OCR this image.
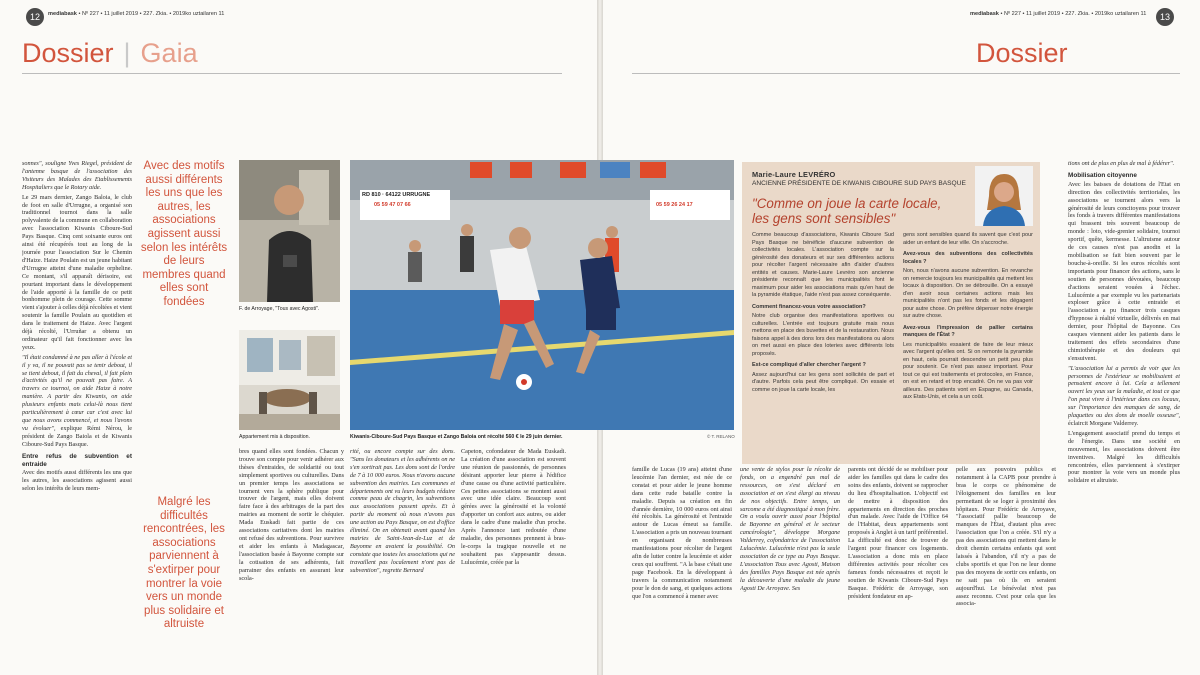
12	mediabask • Nº 227 • 11 juillet 2019 • 227. Zkia. • 2019ko uztailaren 11
Dossier | Gaia

sonnes", souligne Yves Riegel, président de l'antenne basque de l'association des Visiteurs des Malades des Etablissements Hospitaliers que le Rotary aide.

Le 29 mars dernier, Zango Baloia, le club de foot en salle d'Urrugne, a organisé son traditionnel tournoi dans la salle polyvalente de la commune en collaboration avec l'association Kiwanis Ciboure-Sud Pays Basque. Cinq cent soixante euros ont ainsi été récupérés tout au long de la journée pour l'association Sur le Chemin d'Haize. Haize Poulain est un jeune habitant d'Urrugne atteint d'une maladie orpheline. Ce montant, s'il apparaît dérisoire, est pourtant important dans le développement de l'aide apporté à la famille de ce petit bonhomme plein de courage. Cette somme vient s'ajouter à celles déjà récoltées et vient soutenir la famille Poulain au quotidien et dans le traitement de Haize. Avec l'argent déjà récolté, l'Urruñar a obtenu un ordinateur qu'il fait fonctionner avec les yeux.

"Il était condamné à ne pas aller à l'école et il y va, il ne pouvait pas se tenir debout, il se tient debout, il fait du cheval, il fait plein d'activités qu'il ne pouvait pas faire. A travers ce tournoi, on aide Haize à notre manière. A partir des Kiwanis, on aide plusieurs enfants mais celui-là nous tient particulièrement à cœur car c'est avec lui que nous avons commencé, et nous l'avons vu évoluer", explique Rémi Nérou, le président de Zango Baiola et de Kiwanis Ciboure-Sud Pays Basque.

Entre refus de subvention et entraide

Avec des motifs aussi différents les uns que les autres, les associations agissent aussi selon les intérêts de leurs mem-

Avec des motifs aussi différents les uns que les autres, les associations agissent aussi selon les intérêts de leurs membres quand elles sont fondées
Malgré les difficultés rencontrées, les associations parviennent à s'extirper pour montrer la voie vers un monde plus solidaire et altruiste
F. de Arroyage, "Tous avec Agosti".
Appartement mis à disposition.
RD 810 · 64122 URRUGNE
05 59 47 07 66	05 59 26 24 17
Kiwanis-Ciboure-Sud Pays Basque et Zango Baloia ont récolté 560 € le 29 juin dernier.	© T. RELANO
bres quand elles sont fondées. Chacun y trouve son compte pour venir adhérer aux thèses d'entraides, de solidarité ou tout simplement sportives ou culturelles. Dans un premier temps les associations se tournent vers la sphère publique pour trouver de l'argent, mais elles doivent faire face à des arbitrages de la part des mairies au moment de sortir le chéquier. Mada Euskadi fait partie de ces associations caritatives dont les mairies ont refusé des subventions. Pour survivre et aider les enfants à Madagascar, l'association basée à Bayonne compte sur la cotisation de ses adhérents, fait parrainer des enfants en assurant leur scola-
rité, ou encore compte sur des dons. "Sans les donateurs et les adhérents on ne s'en sortirait pas. Les dons sont de l'ordre de 7 à 10 000 euros. Nous n'avons aucune subvention des mairies. Les communes et départements ont vu leurs budgets réduire comme peau de chagrin, les subventions aux associations passent après. Et à partir du moment où nous n'avons pas une action au Pays Basque, on est d'office éliminé. On en obtenait avant quand les mairies de Saint-Jean-de-Luz et de Bayonne en avaient la possibilité. On constate que toutes les associations qui ne travaillent pas localement n'ont pas de subvention", regrette Bernard
Capeton, cofondateur de Mada Euskadi. La création d'une association est souvent une réunion de passionnés, de personnes désirant apporter leur pierre à l'édifice d'une cause ou d'une activité particulière. Ces petites associations se montent aussi avec une idée claire. Beaucoup sont gérées avec la générosité et la volonté d'apporter un confort aux autres, ou aider dans le cadre d'une maladie d'un proche. Après l'annonce tant redoutée d'une maladie, des personnes prennent à bras-le-corps la tragique nouvelle et ne souhaitent pas s'appesantir dessus. Lulucémie, créée par la
mediabask • Nº 227 • 11 juillet 2019 • 227. Zkia. • 2019ko uztailaren 11	13
Dossier
Marie-Laure LEVRÉRO
ANCIENNE PRÉSIDENTE DE KIWANIS CIBOURE SUD PAYS BASQUE
"Comme on joue la carte locale, les gens sont sensibles"

Comme beaucoup d'associations, Kiwanis Ciboure Sud Pays Basque ne bénéficie d'aucune subvention de collectivités locales. L'association compte sur la générosité des donateurs et sur ses différentes actions pour récolter l'argent nécessaire afin d'aider d'autres entités et causes. Marie-Laure Levréro son ancienne présidente reconnaît que les municipalités font le maximum pour aider les associations mais quʼen haut de la pyramide étatique, l'aide n'est pas assez conséquente.

Comment financez-vous votre association?

Notre club organise des manifestations sportives ou culturelles. L'entrée est toujours gratuite mais nous mettons en place des buvettes et de la restauration. Nous faisons appel à des dons lors des manifestations ou alors on met aussi en place des loteries avec différents lots proposés.

Est-ce compliqué d'aller chercher l'argent ?

Assez aujourd'hui car les gens sont sollicités de part et d'autre. Parfois cela peut être compliqué. On essaie et comme on joue la carte locale, les

gens sont sensibles quand ils savent que c'est pour aider un enfant de leur ville. On s'accroche.

Avez-vous des subventions des collectivités locales ?

Non, nous n'avons aucune subvention. En revanche on remercie toujours les municipalités qui mettent les locaux à disposition. On se débrouille. On a essayé d'en avoir sous certaines actions mais les municipalités n'ont pas les fonds et les dégagent pour autre chose. On préfère dépenser notre énergie sur autre chose.

Avez-vous l'impression de pallier certains manques de l'État ?

Les municipalités essaient de faire de leur mieux avec l'argent qu'elles ont. Si on remonte la pyramide en haut, cela pourrait descendre un petit peu plus pour soutenir. Ce n'est pas assez important. Pour tout ce qui est traitements et protocoles, en France, on est en retard et trop encadré. On ne va pas voir ailleurs. Des patients vont en Espagne, au Canada, aux Etats-Unis, et cela a un coût.

famille de Lucas (19 ans) atteint d'une leucémie l'an dernier, est née de ce constat et pour aider le jeune homme dans cette rude bataille contre la maladie. Depuis sa création en fin d'année dernière, 10 000 euros ont ainsi été récoltés. La générosité et l'entraide autour de Lucas émeut sa famille. L'association a pris un nouveau tournant en organisant de nombreuses manifestations pour récolter de l'argent afin de lutter contre la leucémie et aider ceux qui souffrent. "A la base c'était une page Facebook. En la développant à travers la communication notamment pour le don de sang, et quelques actions que l'on a commencé à mener avec
une vente de stylos pour la récolte de fonds, on a engendré pas mal de ressources, on s'est déclaré en association et on s'est élargi au niveau de nos objectifs. Entre temps, un sarcome a été diagnostiqué à mon frère. On a voulu ouvrir aussi pour l'hôpital de Bayonne en général et le secteur cancérologie", développe Morgane Valderrey, cofondatrice de l'association Lulucémie. Lulucémie n'est pas la seule association de ce type au Pays Basque. L'association Tous avec Agosti, Maison des familles Pays Basque est née après la découverte d'une maladie du jeune Agosti De Arroyave. Ses
parents ont décidé de se mobiliser pour aider les familles qui dans le cadre des soins des enfants, doivent se rapprocher du lieu d'hospitalisation. L'objectif est de mettre à disposition des appartements en direction des proches d'un malade. Avec l'aide de l'Office 64 de l'Habitat, deux appartements sont proposés à Anglet à un tarif préférentiel. La difficulté est donc de trouver de l'argent pour financer ces logements. L'association a donc mis en place différentes activités pour récolter ces fameux fonds nécessaires et reçoit le soutien de Kiwanis Ciboure-Sud Pays Basque. Frédéric de Arroyage, son président fondateur en ap-
pelle aux pouvoirs publics et notamment à la CAPB pour prendre à bras le corps ce phénomène de l'éloignement des familles en leur permettant de se loger à proximité des hôpitaux. Pour Frédéric de Arroyave, "l'associatif pallie beaucoup de manques de l'État, d'autant plus avec l'association que l'on a créée. S'il n'y a pas des associations qui mettent dans le droit chemin certains enfants qui sont laissés à l'abandon, s'il n'y a pas de clubs sportifs et que l'on ne leur donne pas des moyens de sortir ces enfants, on ne sait pas où ils en seraient aujourd'hui. Le bénévolat n'est pas assez reconnu. C'est pour cela que les associa-

tions ont de plus en plus de mal à fédérer".

Mobilisation citoyenne

Avec les baisses de dotations de l'Etat en direction des collectivités territoriales, les associations se tournent alors vers la générosité de leurs concitoyens pour trouver les fonds à travers différentes manifestations qui brassent très souvent beaucoup de monde : loto, vide-grenier solidaire, tournoi sportif, quête, kermesse. L'altruisme autour de ces causes n'est pas anodin et la mobilisation se fait bien souvent par le bouche-à-oreille. Si les euros récoltés sont importants pour financer des actions, sans le soutien de personnes dévouées, beaucoup d'actions seraient vouées à l'échec. Lulucémie a par exemple vu les partenariats exploser grâce à cette entraide et l'association a pu financer trois casques d'hypnose à réalité virtuelle, délivrés en mai dernier, pour l'hôpital de Bayonne. Ces casques viennent aider les patients dans le traitement des effets secondaires d'une chimiothérapie et des douleurs qui s'ensuivent.

"L'association lui a permis de voir que les personnes de l'extérieur se mobilisaient et pensaient encore à lui. Cela a tellement ouvert les yeux sur la maladie, et tout ce que l'on peut vivre à l'intérieur dans ces locaux, sur l'importance des manques de sang, de plaquettes ou des dons de moelle osseuse", éclaircit Morgane Valderrey.

L'engagement associatif prend du temps et de l'énergie. Dans une société en mouvement, les associations doivent être inventives. Malgré les difficultés rencontrées, elles parviennent à s'extirper pour montrer la voie vers un monde plus solidaire et altruiste.
